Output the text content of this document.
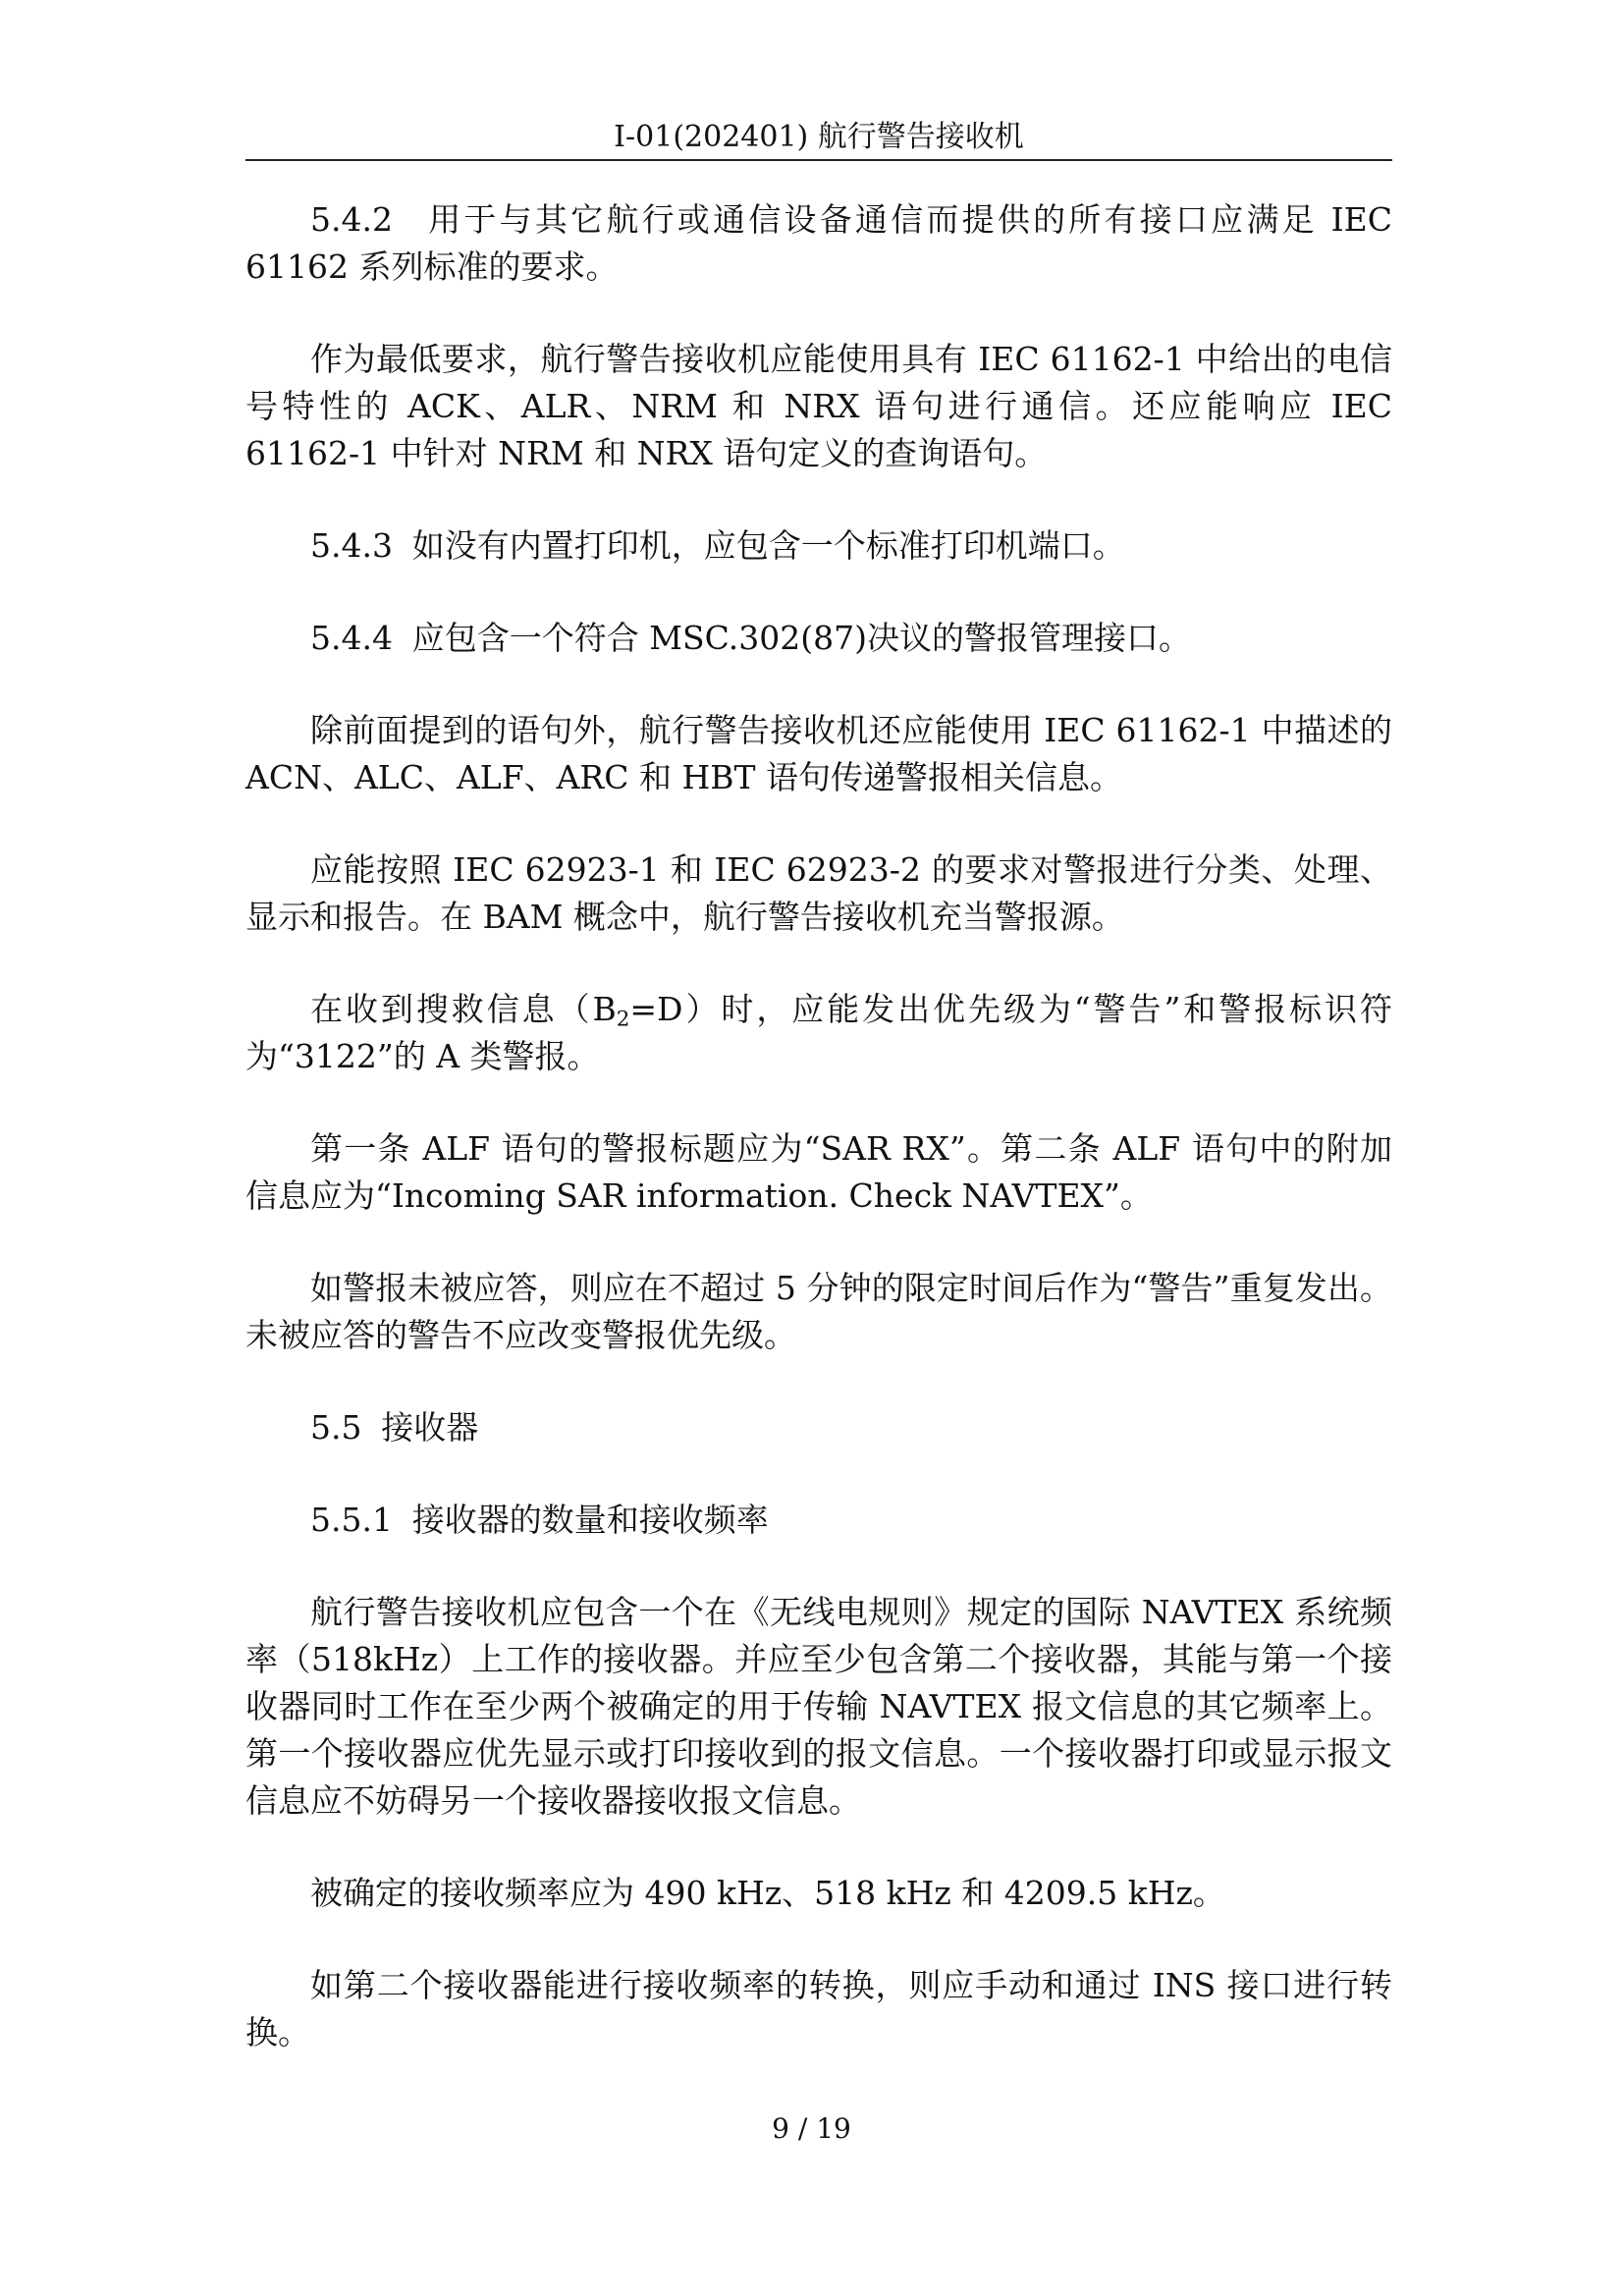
I-01(202401) 航行警告接收机

5.4.2  用于与其它航行或通信设备通信而提供的所有接口应满足 IEC 61162 系列标准的要求。

作为最低要求，航行警告接收机应能使用具有 IEC 61162-1 中给出的电信号特性的 ACK、ALR、NRM 和 NRX 语句进行通信。还应能响应 IEC 61162-1 中针对 NRM 和 NRX 语句定义的查询语句。

5.4.3 如没有内置打印机，应包含一个标准打印机端口。

5.4.4 应包含一个符合 MSC.302(87)决议的警报管理接口。

除前面提到的语句外，航行警告接收机还应能使用 IEC 61162-1 中描述的 ACN、ALC、ALF、ARC 和 HBT 语句传递警报相关信息。

应能按照 IEC 62923-1 和 IEC 62923-2 的要求对警报进行分类、处理、显示和报告。在 BAM 概念中，航行警告接收机充当警报源。

在收到搜救信息$(B_2=D)$时，应能发出优先级为“警告”和警报标识符为“3122”的 A 类警报。

第一条 ALF 语句的警报标题应为“SAR RX”。第二条 ALF 语句中的附加信息应为“Incoming SAR information. Check NAVTEX”。

如警报未被应答，则应在不超过 5 分钟的限定时间后作为“警告”重复发出。未被应答的警告不应改变警报优先级。

5.5 接收器

5.5.1 接收器的数量和接收频率

航行警告接收机应包含一个在《无线电规则》规定的国际 NAVTEX 系统频率（518kHz）上工作的接收器。并应至少包含第二个接收器，其能与第一个接收器同时工作在至少两个被确定的用于传输 NAVTEX 报文信息的其它频率上。第一个接收器应优先显示或打印接收到的报文信息。一个接收器打印或显示报文信息应不妨碍另一个接收器接收报文信息。

被确定的接收频率应为 490 kHz、518 kHz 和 4209.5 kHz。

如第二个接收器能进行接收频率的转换，则应手动和通过 INS 接口进行转换。

9 / 19
